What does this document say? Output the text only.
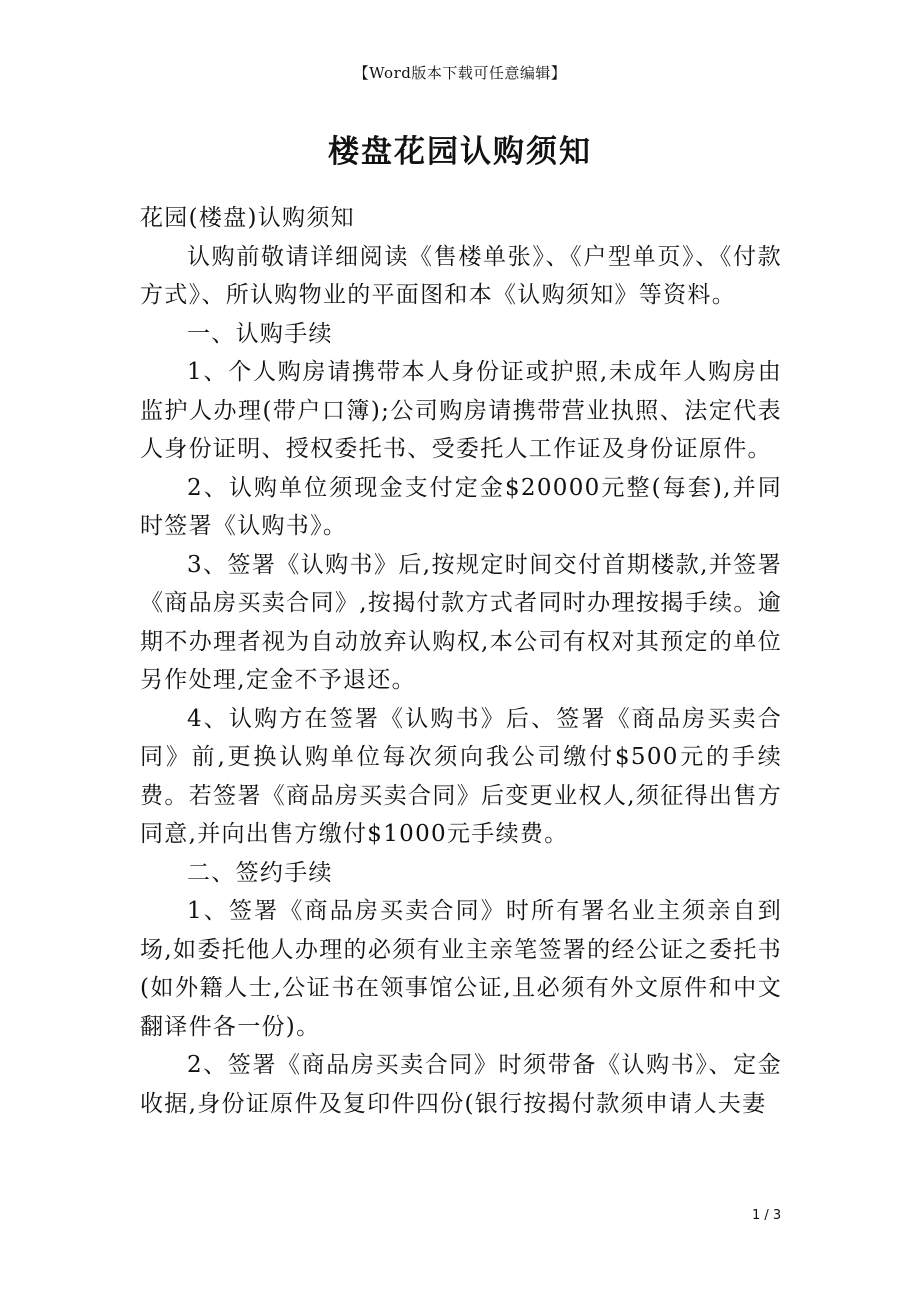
【Word版本下载可任意编辑】
楼盘花园认购须知

花园(楼盘)认购须知

认购前敬请详细阅读《售楼单张》、《户型单页》、《付款方式》、所认购物业的平面图和本《认购须知》等资料。

一、认购手续

1、个人购房请携带本人身份证或护照,未成年人购房由监护人办理(带户口簿);公司购房请携带营业执照、法定代表人身份证明、授权委托书、受委托人工作证及身份证原件。

2、认购单位须现金支付定金$20000元整(每套),并同时签署《认购书》。

3、签署《认购书》后,按规定时间交付首期楼款,并签署《商品房买卖合同》,按揭付款方式者同时办理按揭手续。逾期不办理者视为自动放弃认购权,本公司有权对其预定的单位另作处理,定金不予退还。

4、认购方在签署《认购书》后、签署《商品房买卖合同》前,更换认购单位每次须向我公司缴付$500元的手续费。若签署《商品房买卖合同》后变更业权人,须征得出售方同意,并向出售方缴付$1000元手续费。

二、签约手续

1、签署《商品房买卖合同》时所有署名业主须亲自到场,如委托他人办理的必须有业主亲笔签署的经公证之委托书(如外籍人士,公证书在领事馆公证,且必须有外文原件和中文翻译件各一份)。

2、签署《商品房买卖合同》时须带备《认购书》、定金收据,身份证原件及复印件四份(银行按揭付款须申请人夫妻

1 / 3
